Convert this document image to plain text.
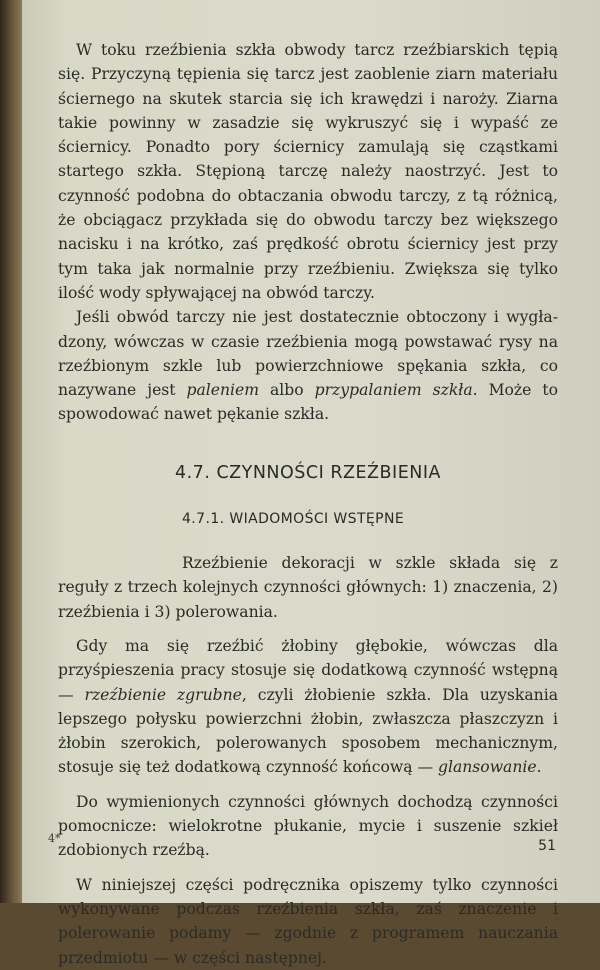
W toku rzeźbienia szkła obwody tarcz rzeźbiarskich tępią się. Przyczyną tępienia się tarcz jest zaoblenie ziarn materiału ściernego na skutek starcia się ich krawędzi i naroży. Ziarna takie powinny w zasadzie się wykruszyć się i wypaść ze ściernicy. Ponadto pory ściernicy zamulają się cząstkami startego szkła. Stępioną tarczę należy naostrzyć. Jest to czynność podobna do obtaczania obwodu tarczy, z tą różnicą, że obciągacz przykłada się do obwodu tarczy bez większego nacisku i na krótko, zaś prędkość obrotu ściernicy jest przy tym taka jak normalnie przy rzeźbieniu. Zwiększa się tylko ilość wody spływającej na obwód tarczy.

Jeśli obwód tarczy nie jest dostatecznie obtoczony i wygładzony, wówczas w czasie rzeźbienia mogą powstawać rysy na rzeźbionym szkle lub powierzchniowe spękania szkła, co nazywane jest paleniem albo przypalaniem szkła. Może to spowodować nawet pękanie szkła.

4.7. CZYNNOŚCI RZEŹBIENIA
4.7.1. WIADOMOŚCI WSTĘPNE

Rzeźbienie dekoracji w szkle składa się z reguły z trzech kolejnych czynności głównych: 1) znaczenia, 2) rzeźbienia i 3) polerowania.

Gdy ma się rzeźbić żłobiny głębokie, wówczas dla przyśpieszenia pracy stosuje się dodatkową czynność wstępną — rzeźbienie zgrubne, czyli żłobienie szkła. Dla uzyskania lepszego połysku powierzchni żłobin, zwłaszcza płaszczyzn i żłobin szerokich, polerowanych sposobem mechanicznym, stosuje się też dodatkową czynność końcową — glansowanie.

Do wymienionych czynności głównych dochodzą czynności pomocnicze: wielokrotne płukanie, mycie i suszenie szkieł zdobionych rzeźbą.

W niniejszej części podręcznika opiszemy tylko czynności wykonywane podczas rzeźbienia szkła, zaś znaczenie i polerowanie podamy — zgodnie z programem nauczania przedmiotu — w części następnej.

4*	51
